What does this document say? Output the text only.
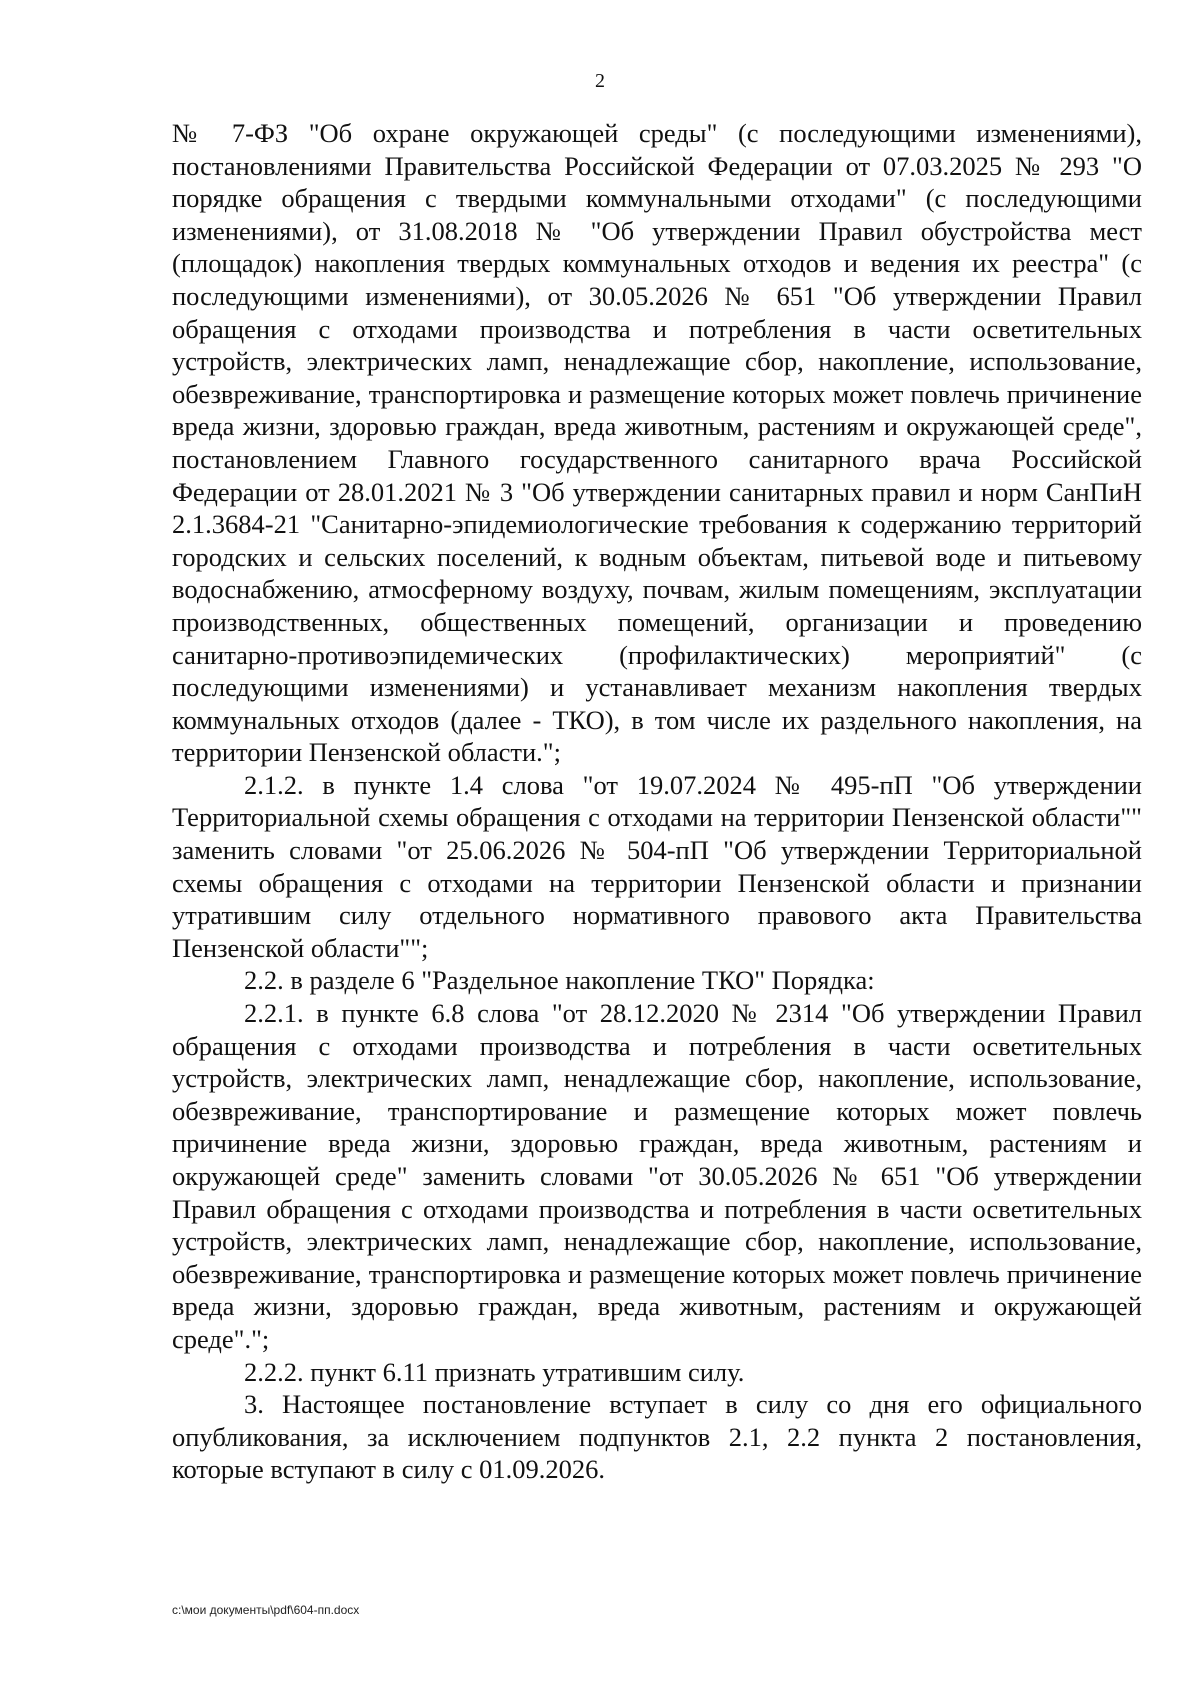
2

№ 7-ФЗ "Об охране окружающей среды" (с последующими изменениями), постановлениями Правительства Российской Федерации от 07.03.2025 № 293 "О порядке обращения с твердыми коммунальными отходами" (с последующими изменениями), от 31.08.2018 № "Об утверждении Правил обустройства мест (площадок) накопления твердых коммунальных отходов и ведения их реестра" (с последующими изменениями), от 30.05.2026 № 651 "Об утверждении Правил обращения с отходами производства и потребления в части осветительных устройств, электрических ламп, ненадлежащие сбор, накопление, использование, обезвреживание, транспортировка и размещение которых может повлечь причинение вреда жизни, здоровью граждан, вреда животным, растениям и окружающей среде", постановлением Главного государственного санитарного врача Российской Федерации от 28.01.2021 № 3 "Об утверждении санитарных правил и норм СанПиН 2.1.3684-21 "Санитарно-эпидемиологические требования к содержанию территорий городских и сельских поселений, к водным объектам, питьевой воде и питьевому водоснабжению, атмосферному воздуху, почвам, жилым помещениям, эксплуатации производственных, общественных помещений, организации и проведению санитарно-противоэпидемических (профилактических) мероприятий" (с последующими изменениями) и устанавливает механизм накопления твердых коммунальных отходов (далее - ТКО), в том числе их раздельного накопления, на территории Пензенской области.";

2.1.2. в пункте 1.4 слова "от 19.07.2024 № 495-пП "Об утверждении Территориальной схемы обращения с отходами на территории Пензенской области"" заменить словами "от 25.06.2026 № 504-пП "Об утверждении Территориальной схемы обращения с отходами на территории Пензенской области и признании утратившим силу отдельного нормативного правового акта Правительства Пензенской области"";

2.2. в разделе 6 "Раздельное накопление ТКО" Порядка:

2.2.1. в пункте 6.8 слова "от 28.12.2020 № 2314 "Об утверждении Правил обращения с отходами производства и потребления в части осветительных устройств, электрических ламп, ненадлежащие сбор, накопление, использование, обезвреживание, транспортирование и размещение которых может повлечь причинение вреда жизни, здоровью граждан, вреда животным, растениям и окружающей среде" заменить словами "от 30.05.2026 № 651 "Об утверждении Правил обращения с отходами производства и потребления в части осветительных устройств, электрических ламп, ненадлежащие сбор, накопление, использование, обезвреживание, транспортировка и размещение которых может повлечь причинение вреда жизни, здоровью граждан, вреда животным, растениям и окружающей среде".";

2.2.2. пункт 6.11 признать утратившим силу.

3. Настоящее постановление вступает в силу со дня его официального опубликования, за исключением подпунктов 2.1, 2.2 пункта 2 постановления, которые вступают в силу с 01.09.2026.

c:\мои документы\pdf\604-пп.docx
